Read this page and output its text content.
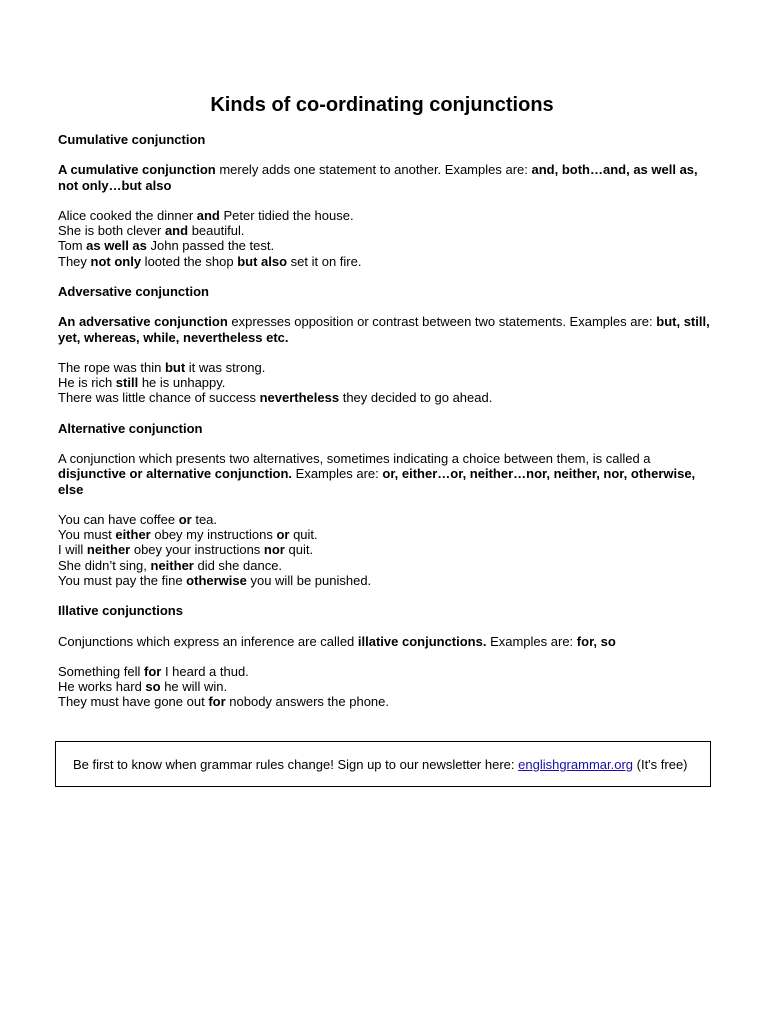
Kinds of co-ordinating conjunctions
Cumulative conjunction
A cumulative conjunction merely adds one statement to another. Examples are: and, both…and, as well as, not only…but also
Alice cooked the dinner and Peter tidied the house.
She is both clever and beautiful.
Tom as well as John passed the test.
They not only looted the shop but also set it on fire.
Adversative conjunction
An adversative conjunction expresses opposition or contrast between two statements. Examples are: but, still, yet, whereas, while, nevertheless etc.
The rope was thin but it was strong.
He is rich still he is unhappy.
There was little chance of success nevertheless they decided to go ahead.
Alternative conjunction
A conjunction which presents two alternatives, sometimes indicating a choice between them, is called a disjunctive or alternative conjunction. Examples are: or, either…or, neither…nor, neither, nor, otherwise, else
You can have coffee or tea.
You must either obey my instructions or quit.
I will neither obey your instructions nor quit.
She didn’t sing, neither did she dance.
You must pay the fine otherwise you will be punished.
Illative conjunctions
Conjunctions which express an inference are called illative conjunctions. Examples are: for, so
Something fell for I heard a thud.
He works hard so he will win.
They must have gone out for nobody answers the phone.
Be first to know when grammar rules change! Sign up to our newsletter here: englishgrammar.org (It's free)
